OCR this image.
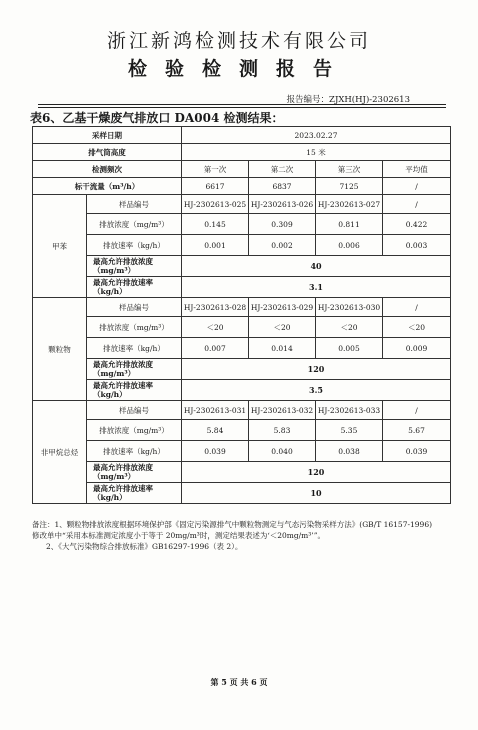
浙江新鸿检测技术有限公司
检验检测报告
报告编号：ZJXH(HJ)-2302613
表6、乙基干燥废气排放口 DA004 检测结果：
采样日期		2023.02.27			
排气筒高度		15 米			
检测频次		第一次	第二次	第三次	平均值
标干流量（m³/h）		6617	6837	7125	/
甲苯	样品编号	HJ-2302613-025	HJ-2302613-026	HJ-2302613-027	/
	排放浓度（mg/m³）	0.145	0.309	0.811	0.422
	排放速率（kg/h）	0.001	0.002	0.006	0.003
	最高允许排放浓度（mg/m³）	40			
	最高允许排放速率（kg/h）	3.1			
颗粒物	样品编号	HJ-2302613-028	HJ-2302613-029	HJ-2302613-030	/
	排放浓度（mg/m³）	＜20	＜20	＜20	＜20
	排放速率（kg/h）	0.007	0.014	0.005	0.009
	最高允许排放浓度（mg/m³）	120			
	最高允许排放速率（kg/h）	3.5			
非甲烷总烃	样品编号	HJ-2302613-031	HJ-2302613-032	HJ-2302613-033	/
	排放浓度（mg/m³）	5.84	5.83	5.35	5.67
	排放速率（kg/h）	0.039	0.040	0.038	0.039
	最高允许排放浓度（mg/m³）	120			
	最高允许排放速率（kg/h）	10			
备注：1、颗粒物排放浓度根据环境保护部《固定污染源排气中颗粒物测定与气态污染物采样方法》(GB/T 16157-1996)
修改单中“采用本标准测定浓度小于等于 20mg/m³时，测定结果表述为‘＜20mg/m³’”。
2、《大气污染物综合排放标准》GB16297-1996（表 2）。
第 5 页 共 6 页
